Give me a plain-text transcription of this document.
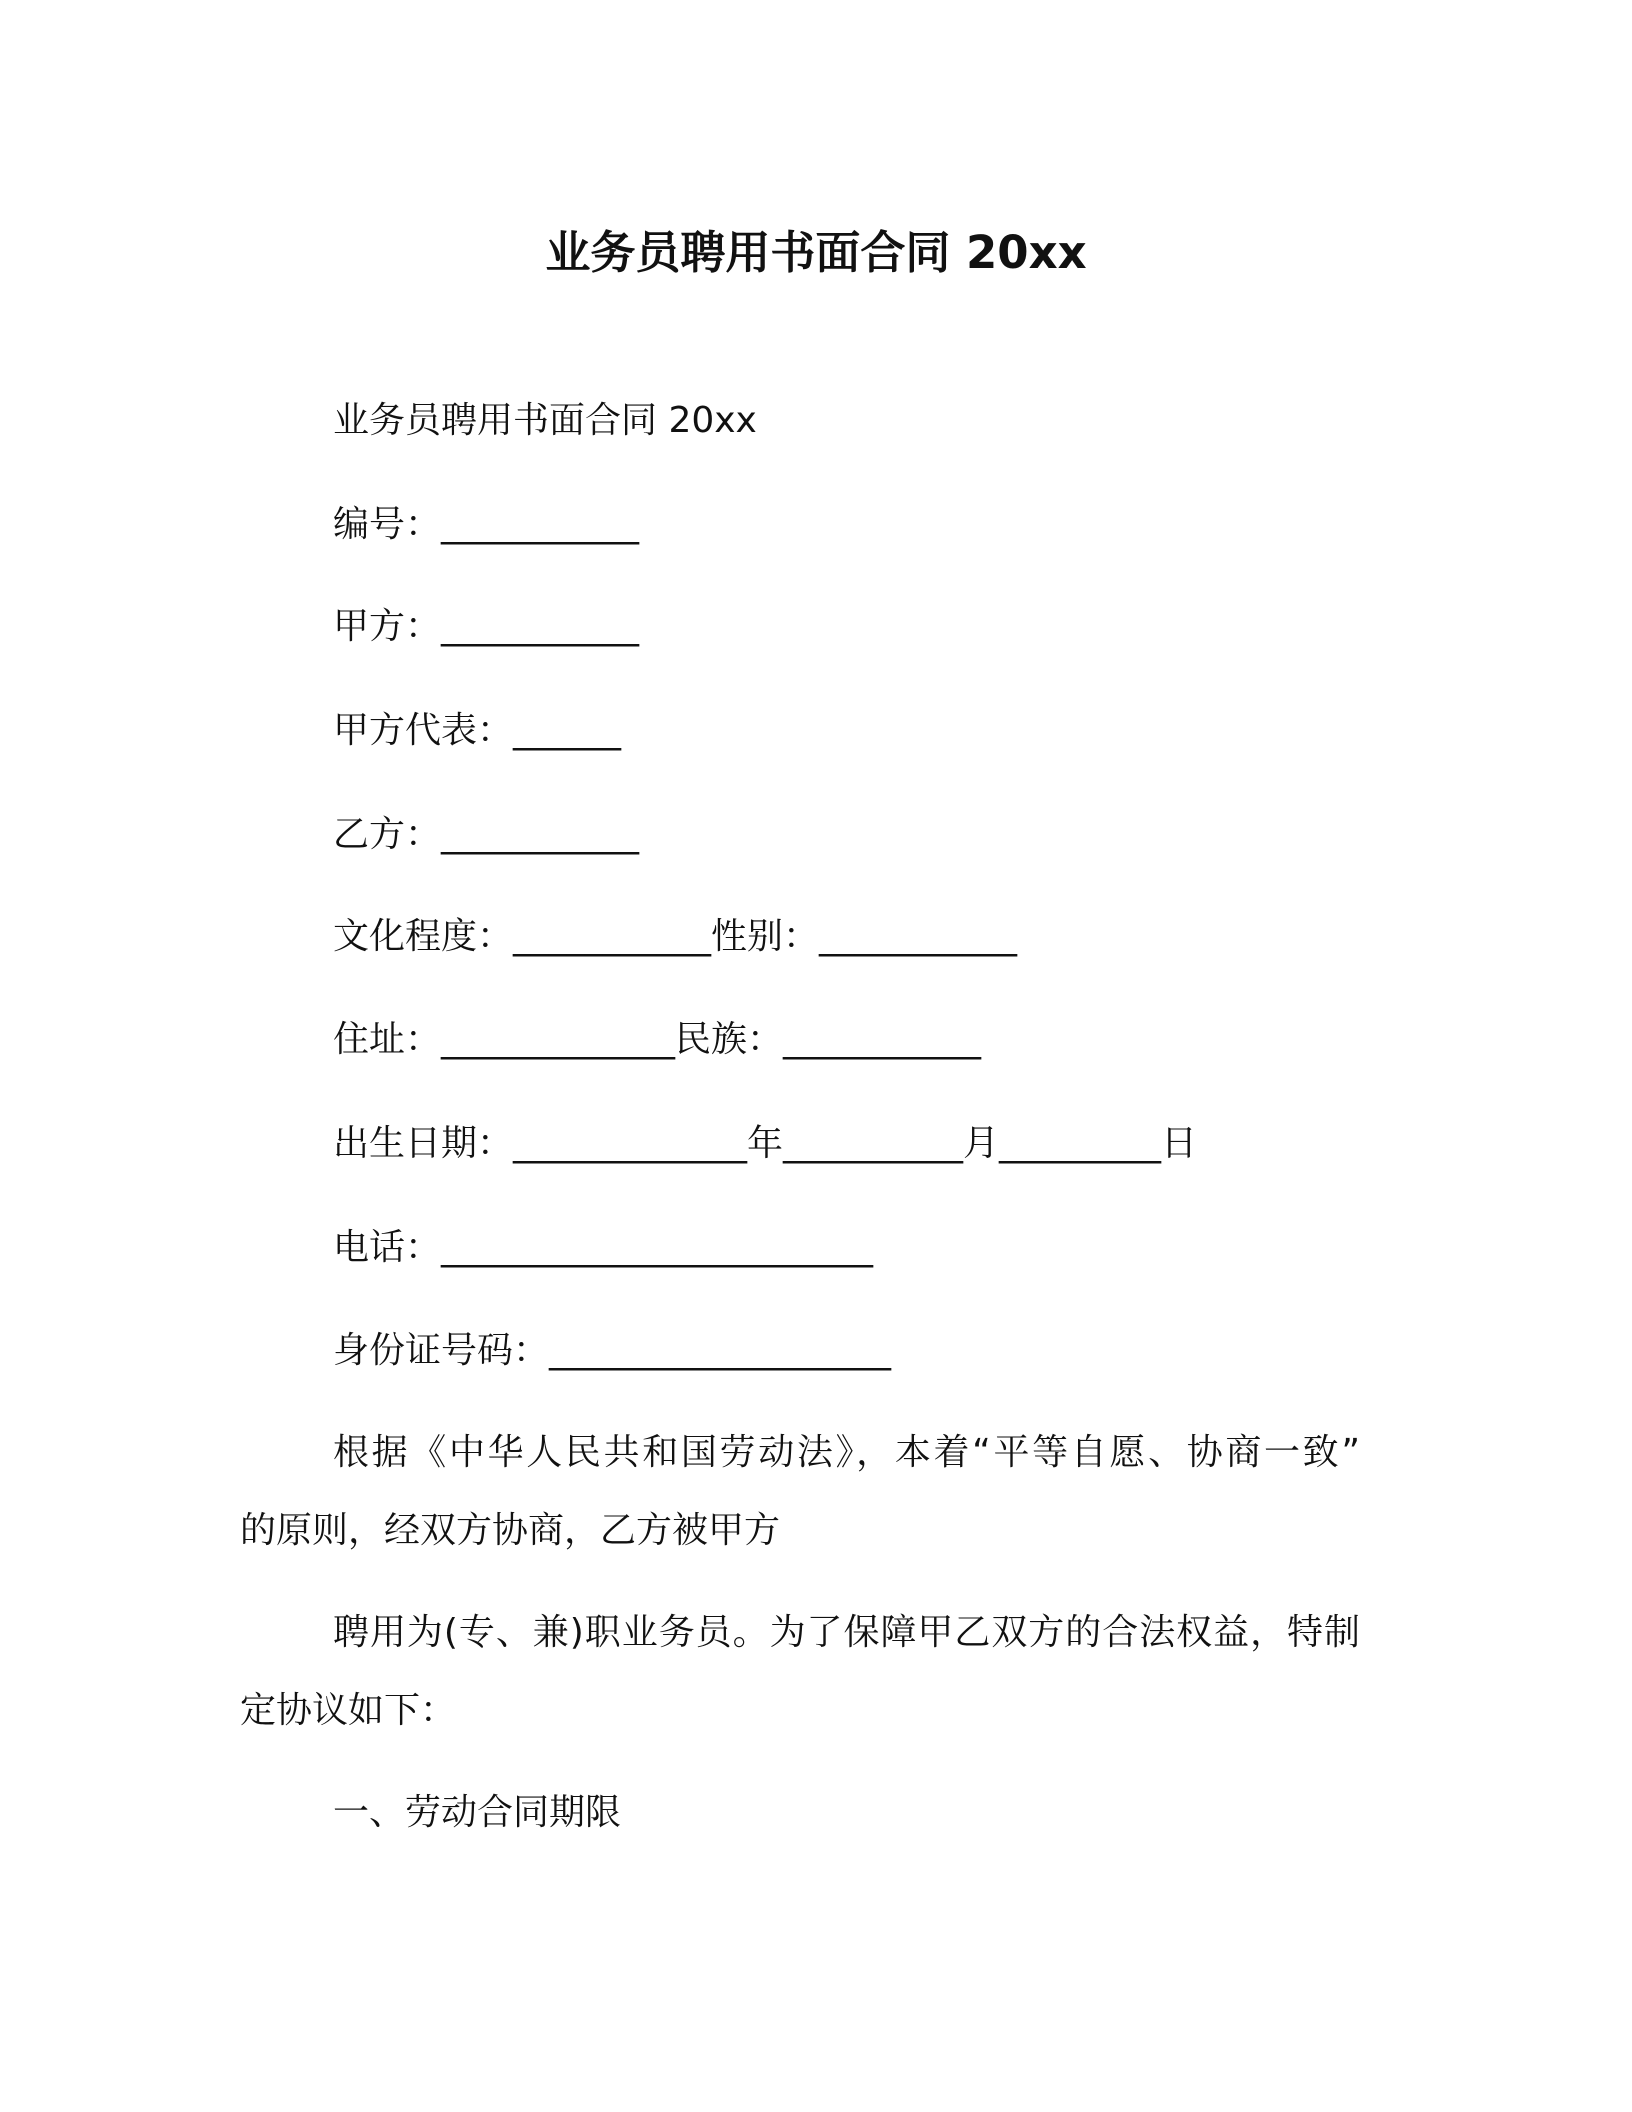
业务员聘用书面合同 20xx
业务员聘用书面合同 20xx
编号：___________
甲方：___________
甲方代表：______
乙方：___________
文化程度：___________性别：___________
住址：_____________民族：___________
出生日期：_____________年__________月_________日
电话：________________________
身份证号码：___________________
根据《中华人民共和国劳动法》，本着“平等自愿、协商一致”
的原则，经双方协商，乙方被甲方
聘用为(专、兼)职业务员。为了保障甲乙双方的合法权益，特制
定协议如下：
一、劳动合同期限
